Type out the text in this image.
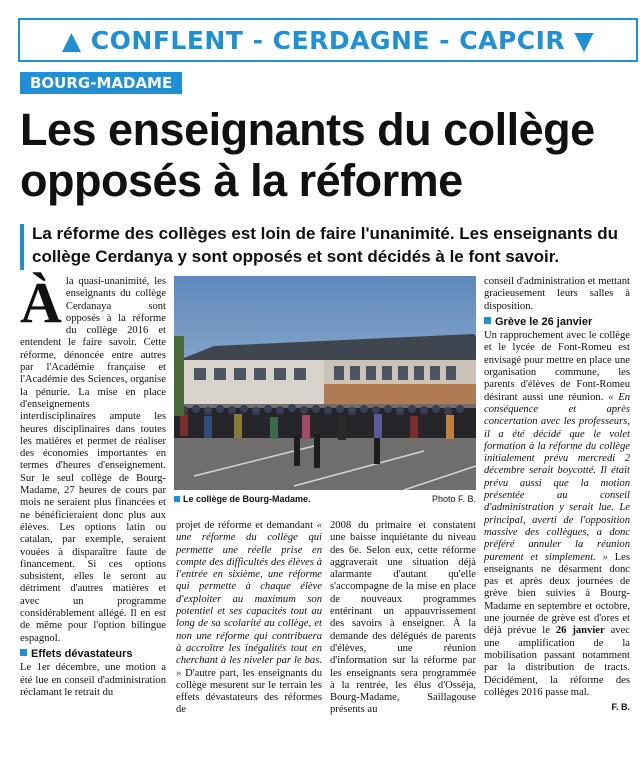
▲ CONFLENT - CERDAGNE - CAPCIR ▼
BOURG-MADAME
Les enseignants du collège opposés à la réforme

La réforme des collèges est loin de faire l'unanimité. Les enseignants du collège Cerdanya y sont opposés et sont décidés à le font savoir.

À la quasi-unanimité, les enseignants du collège Cerdanaya sont opposés à la réforme du collège 2016 et entendent le faire savoir. Cette réforme, dénoncée entre autres par l'Académie française et l'Académie des Sciences, organise la pénurie. La mise en place d'enseignements interdisciplinaires ampute les heures disciplinaires dans toutes les matières et permet de réaliser des économies importantes en termes d'heures d'enseignement. Sur le seul collège de Bourg-Madame, 27 heures de cours par mois ne seraient plus financées et ne bénéficieraient donc plus aux élèves. Les options latin ou catalan, par exemple, seraient vouées à disparaître faute de financement. Si ces options subsistent, elles le seront au détriment d'autres matières et avec un programme considérablement allégé. Il en est de même pour l'option bilingue espagnol.

Effets dévastateurs

Le 1er décembre, une motion a été lue en conseil d'administration réclamant le retrait du

Le collège de Bourg-Madame.	Photo F. B.

projet de réforme et demandant « une réforme du collège qui permette une réelle prise en compte des difficultés des élèves à l'entrée en sixième, une réforme qui permette à chaque élève d'exploiter au maximum son potentiel et ses capacités tout au long de sa scolarité au collège, et non une réforme qui contribuera à accroître les inégalités tout en cherchant à les niveler par le bas. » D'autre part, les enseignants du collège mesurent sur le terrain les effets dévastateurs des réformes de

2008 du primaire et constatent une baisse inquiétante du niveau des 6e. Selon eux, cette réforme aggraverait une situation déjà alarmante d'autant qu'elle s'accompagne de la mise en place de nouveaux programmes entérinant un appauvrissement des savoirs à enseigner. À la demande des délégués de parents d'élèves, une réunion d'information sur la réforme par les enseignants sera programmée à la rentrée, les élus d'Osséja, Bourg-Madame, Saillagouse présents au

conseil d'administration et mettant gracieusement leurs salles à disposition.

Grève le 26 janvier

Un rapprochement avec le collège et le lycée de Font-Romeu est envisagé pour mettre en place une organisation commune, les parents d'élèves de Font-Romeu désirant aussi une réunion. « En conséquence et après concertation avec les professeurs, il a été décidé que le volet formation à la réforme du collège initialement prévu mercredi 2 décembre serait boycotté. Il était prévu aussi que la motion présentée au conseil d'administration y serait lue. Le principal, averti de l'opposition massive des collègues, a donc préféré annuler la réunion purement et simplement. » Les enseignants ne désarment donc pas et après deux journées de grève bien suivies à Bourg-Madame en septembre et octobre, une journée de grève est d'ores et déjà prévue le 26 janvier avec une amplification de la mobilisation passant notamment par la distribution de tracts. Décidément, la réforme des collèges 2016 passe mal.

F. B.
